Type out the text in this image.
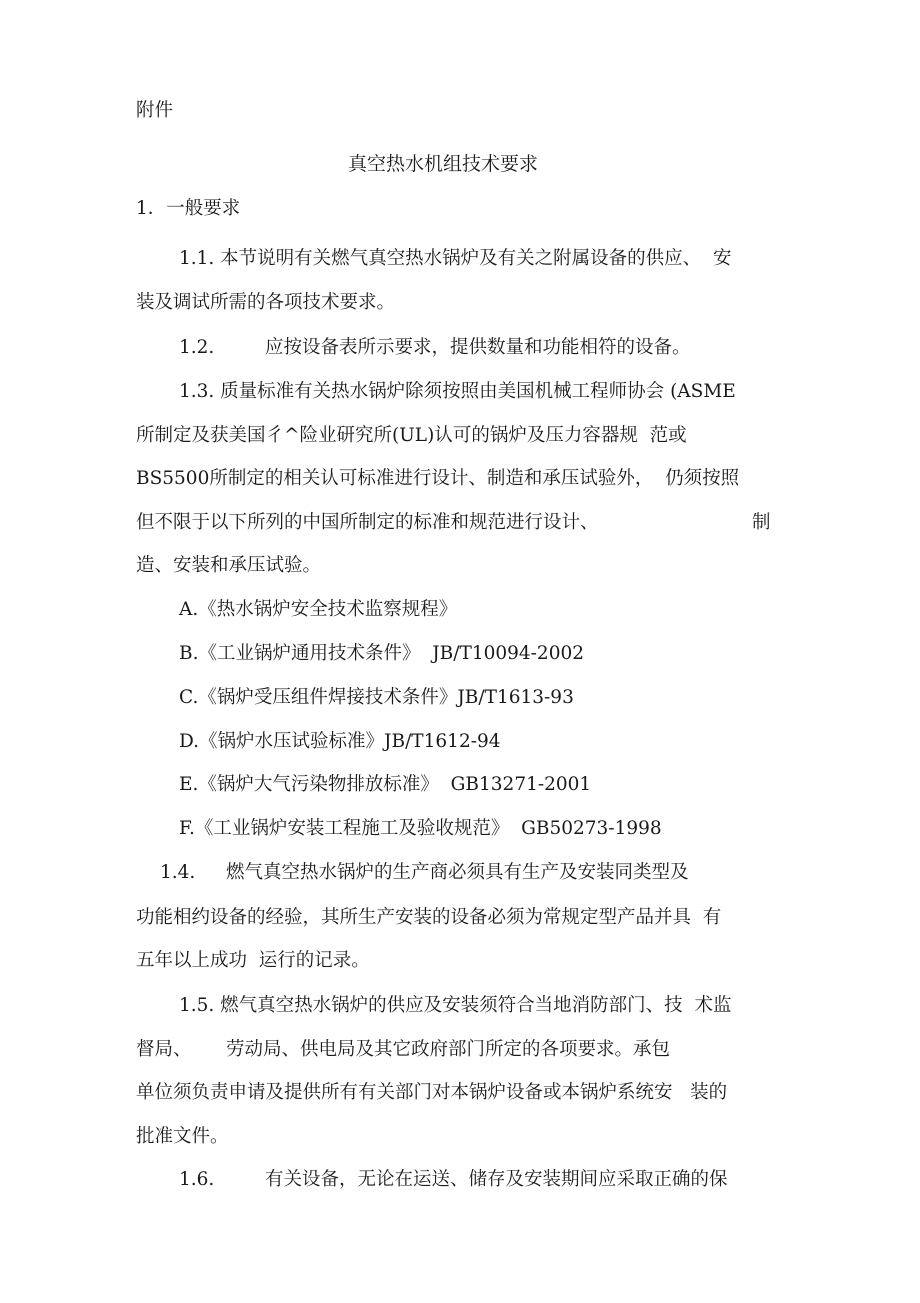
附件

真空热水机组技术要求

1．一般要求

1.1. 本节说明有关燃气真空热水锅炉及有关之附属设备的供应、  安

装及调试所需的各项技术要求。

1.2.	应按设备表所示要求，提供数量和功能相符的设备。

1.3. 质量标准有关热水锅炉除须按照由美国机械工程师协会 (ASME

所制定及获美国彳^险业研究所(UL)认可的锅炉及压力容器规  范或

BS5500所制定的相关认可标准进行设计、制造和承压试验外，  仍须按照

但不限于以下所列的中国所制定的标准和规范进行设计、	制

造、安装和承压试验。

A.《热水锅炉安全技术监察规程》

B.《工业锅炉通用技术条件》  JB/T10094-2002

C.《锅炉受压组件焊接技术条件》JB/T1613-93

D.《锅炉水压试验标准》JB/T1612-94

E.《锅炉大气污染物排放标准》  GB13271-2001

F.《工业锅炉安装工程施工及验收规范》  GB50273-1998

1.4. 燃气真空热水锅炉的生产商必须具有生产及安装同类型及

功能相约设备的经验，其所生产安装的设备必须为常规定型产品并具  有

五年以上成功  运行的记录。

1.5. 燃气真空热水锅炉的供应及安装须符合当地消防部门、技  术监

督局、 劳动局、供电局及其它政府部门所定的各项要求。承包

单位须负责申请及提供所有有关部门对本锅炉设备或本锅炉系统安   装的

批准文件。

1.6.	有关设备，无论在运送、储存及安装期间应采取正确的保
